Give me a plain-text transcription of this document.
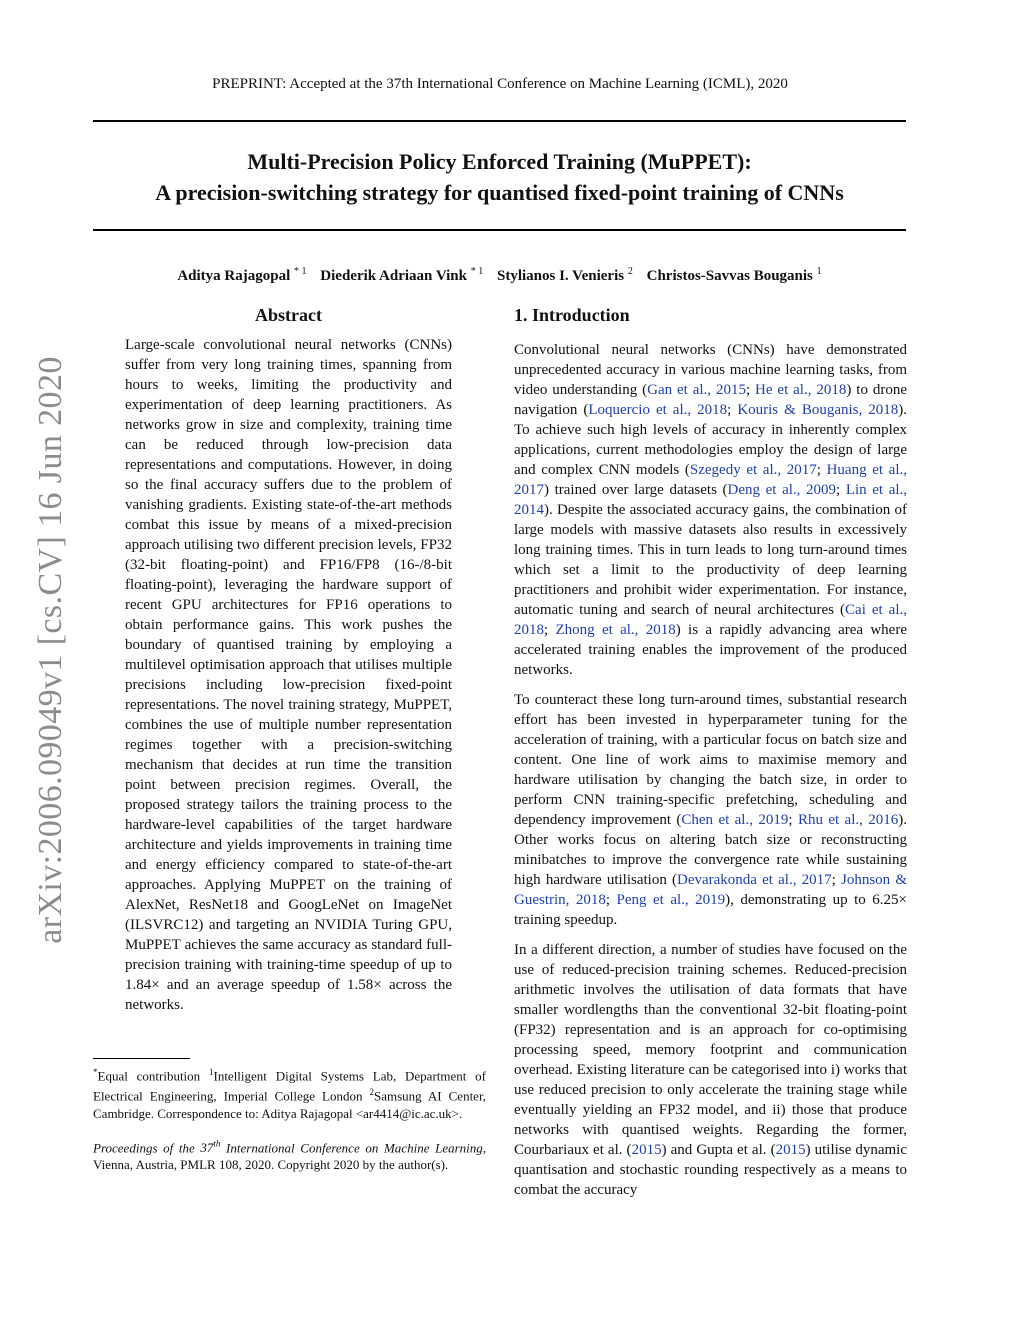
PREPRINT: Accepted at the 37th International Conference on Machine Learning (ICML), 2020
Multi-Precision Policy Enforced Training (MuPPET):
A precision-switching strategy for quantised fixed-point training of CNNs
Aditya Rajagopal $^{* 1}$ Diederik Adriaan Vink $^{* 1}$ Stylianos I. Venieris $^2$ Christos-Savvas Bouganis $^1$
arXiv:2006.09049v1 [cs.CV] 16 Jun 2020
Abstract
Large-scale convolutional neural networks (CNNs) suffer from very long training times, spanning from hours to weeks, limiting the productivity and experimentation of deep learning practitioners. As networks grow in size and complexity, training time can be reduced through low-precision data representations and computations. However, in doing so the final accuracy suffers due to the problem of vanishing gradients. Existing state-of-the-art methods combat this issue by means of a mixed-precision approach utilising two different precision levels, FP32 (32-bit floating-point) and FP16/FP8 (16-/8-bit floating-point), leveraging the hardware support of recent GPU architectures for FP16 operations to obtain performance gains. This work pushes the boundary of quantised training by employing a multilevel optimisation approach that utilises multiple precisions including low-precision fixed-point representations. The novel training strategy, MuPPET, combines the use of multiple number representation regimes together with a precision-switching mechanism that decides at run time the transition point between precision regimes. Overall, the proposed strategy tailors the training process to the hardware-level capabilities of the target hardware architecture and yields improvements in training time and energy efficiency compared to state-of-the-art approaches. Applying MuPPET on the training of AlexNet, ResNet18 and GoogLeNet on ImageNet (ILSVRC12) and targeting an NVIDIA Turing GPU, MuPPET achieves the same accuracy as standard full-precision training with training-time speedup of up to 1.84× and an average speedup of 1.58× across the networks.
*Equal contribution $^1$Intelligent Digital Systems Lab, Department of Electrical Engineering, Imperial College London $^2$Samsung AI Center, Cambridge. Correspondence to: Aditya Rajagopal <ar4414@ic.ac.uk>.
Proceedings of the 37th International Conference on Machine Learning, Vienna, Austria, PMLR 108, 2020. Copyright 2020 by the author(s).
1. Introduction

Convolutional neural networks (CNNs) have demonstrated unprecedented accuracy in various machine learning tasks, from video understanding (Gan et al., 2015; He et al., 2018) to drone navigation (Loquercio et al., 2018; Kouris & Bouganis, 2018). To achieve such high levels of accuracy in inherently complex applications, current methodologies employ the design of large and complex CNN models (Szegedy et al., 2017; Huang et al., 2017) trained over large datasets (Deng et al., 2009; Lin et al., 2014). Despite the associated accuracy gains, the combination of large models with massive datasets also results in excessively long training times. This in turn leads to long turn-around times which set a limit to the productivity of deep learning practitioners and prohibit wider experimentation. For instance, automatic tuning and search of neural architectures (Cai et al., 2018; Zhong et al., 2018) is a rapidly advancing area where accelerated training enables the improvement of the produced networks.

To counteract these long turn-around times, substantial research effort has been invested in hyperparameter tuning for the acceleration of training, with a particular focus on batch size and content. One line of work aims to maximise memory and hardware utilisation by changing the batch size, in order to perform CNN training-specific prefetching, scheduling and dependency improvement (Chen et al., 2019; Rhu et al., 2016). Other works focus on altering batch size or reconstructing minibatches to improve the convergence rate while sustaining high hardware utilisation (Devarakonda et al., 2017; Johnson & Guestrin, 2018; Peng et al., 2019), demonstrating up to 6.25× training speedup.

In a different direction, a number of studies have focused on the use of reduced-precision training schemes. Reduced-precision arithmetic involves the utilisation of data formats that have smaller wordlengths than the conventional 32-bit floating-point (FP32) representation and is an approach for co-optimising processing speed, memory footprint and communication overhead. Existing literature can be categorised into i) works that use reduced precision to only accelerate the training stage while eventually yielding an FP32 model, and ii) those that produce networks with quantised weights. Regarding the former, Courbariaux et al. (2015) and Gupta et al. (2015) utilise dynamic quantisation and stochastic rounding respectively as a means to combat the accuracy
